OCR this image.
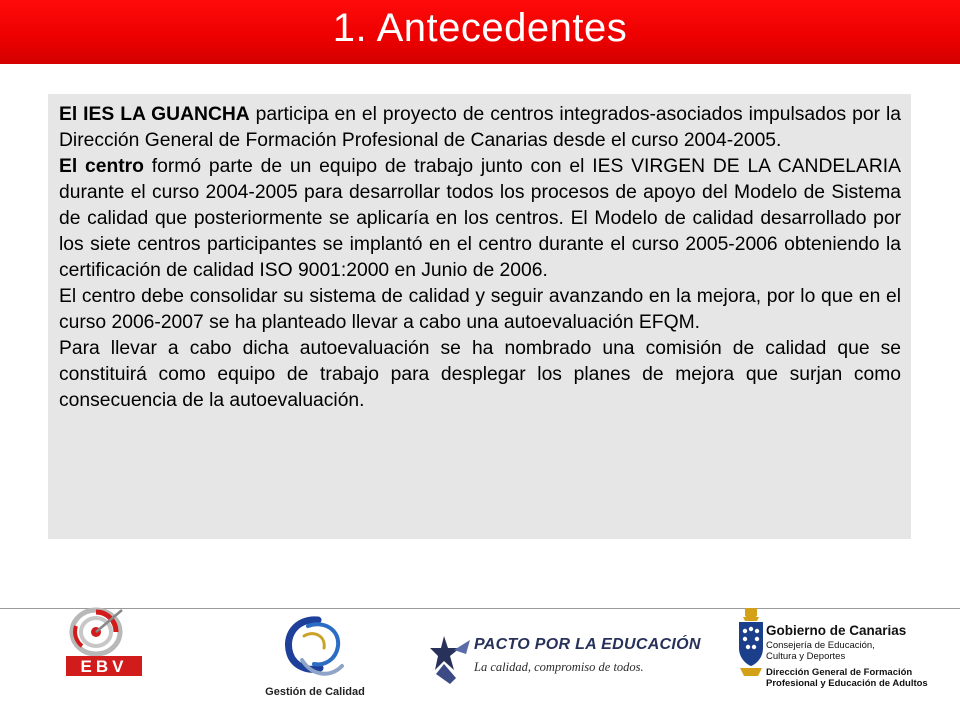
1. Antecedentes

El IES LA GUANCHA participa en el proyecto de centros integrados-asociados impulsados por la Dirección General de Formación Profesional de Canarias desde el curso 2004-2005.

El centro formó parte de un equipo de trabajo junto con el IES VIRGEN DE LA CANDELARIA durante el curso 2004-2005 para desarrollar todos los procesos de apoyo del Modelo de Sistema de calidad que posteriormente se aplicaría en los centros. El Modelo de calidad desarrollado por los siete centros participantes se implantó en el centro durante el curso 2005-2006 obteniendo la certificación de calidad ISO 9001:2000 en Junio de 2006.

El centro debe consolidar su sistema de calidad y seguir avanzando en la mejora, por lo que en el curso 2006-2007 se ha planteado llevar a cabo una autoevaluación EFQM.

Para llevar a cabo dicha autoevaluación se ha nombrado una comisión de calidad que se constituirá como equipo de trabajo para desplegar los planes de mejora que surjan como consecuencia de la autoevaluación.

EBV
Gestión de Calidad
PACTO POR LA EDUCACIÓN
La calidad, compromiso de todos.
Gobierno de Canarias
Consejería de Educación,
Cultura y Deportes
Dirección General de Formación
Profesional y Educación de Adultos
